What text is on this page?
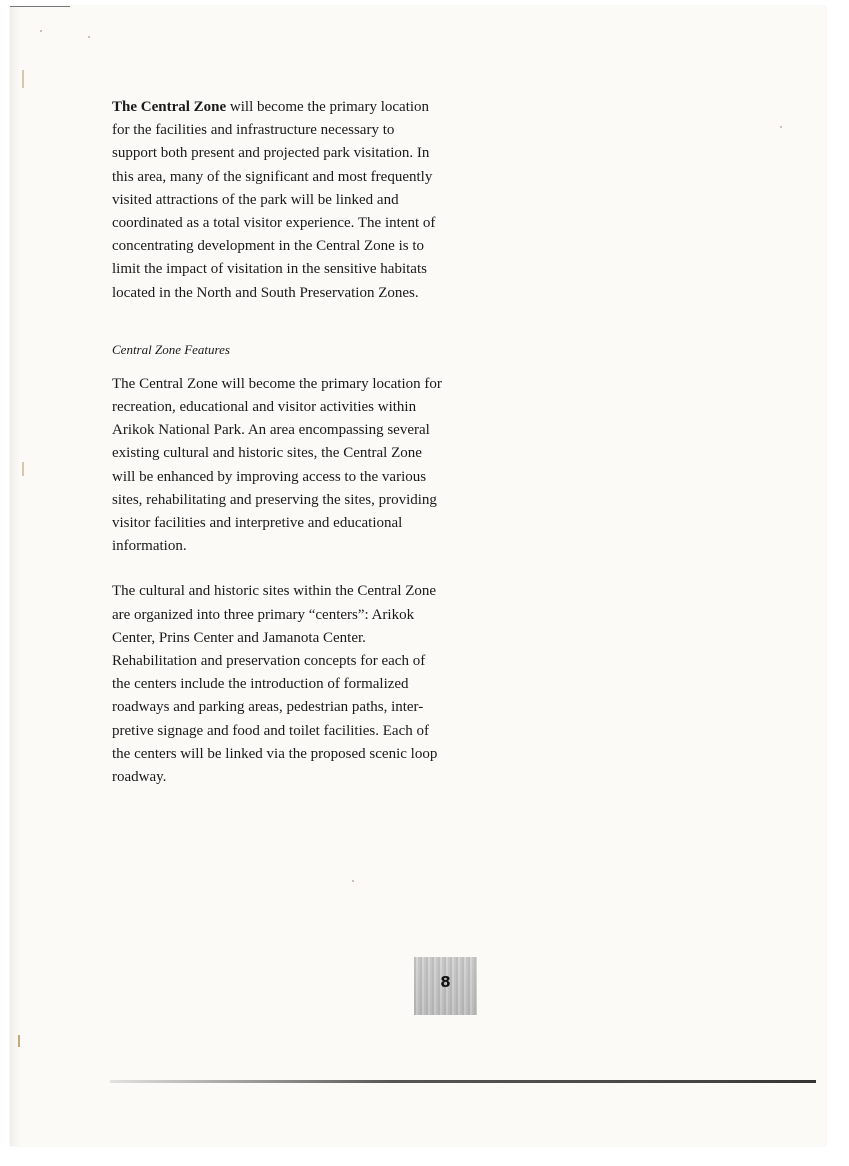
The Central Zone will become the primary location for the facilities and infrastructure necessary to support both present and projected park visitation. In this area, many of the significant and most frequently visited attractions of the park will be linked and coordinated as a total visitor experience. The intent of concentrating development in the Central Zone is to limit the impact of visitation in the sensitive habitats located in the North and South Preservation Zones.

Central Zone Features

The Central Zone will become the primary location for recreation, educational and visitor activities within Arikok National Park. An area encompassing several existing cultural and historic sites, the Central Zone will be enhanced by improving access to the various sites, rehabilitating and preserving the sites, providing visitor facilities and interpretive and educational information.

The cultural and historic sites within the Central Zone are organized into three primary “centers”: Arikok Center, Prins Center and Jamanota Center. Rehabilitation and preservation concepts for each of the centers include the introduction of formalized roadways and parking areas, pedestrian paths, inter-pretive signage and food and toilet facilities. Each of the centers will be linked via the proposed scenic loop roadway.

8
